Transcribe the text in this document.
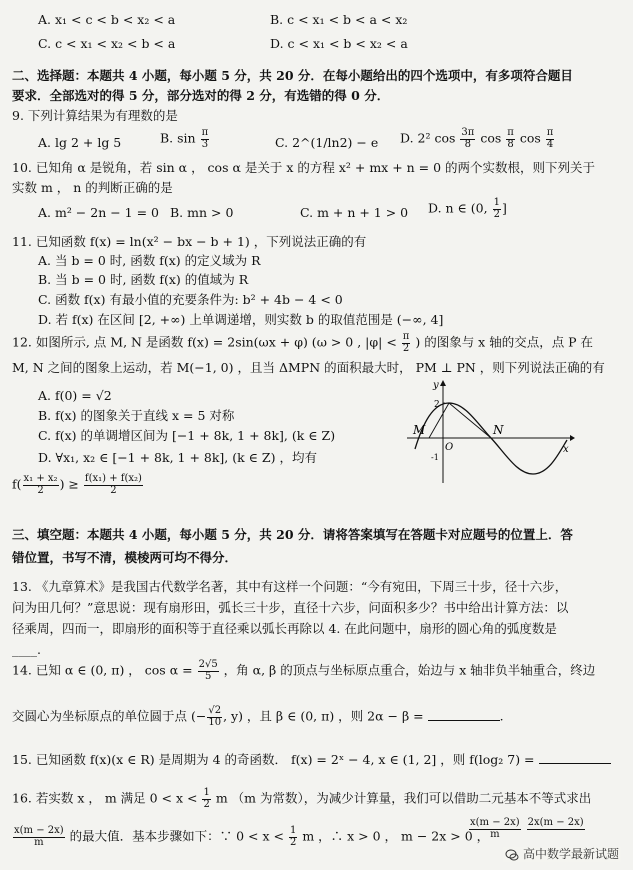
A. x₁ < c < b < x₂ < a	B. c < x₁ < b < a < x₂
C. c < x₁ < x₂ < b < a	D. c < x₁ < b < x₂ < a
二、选择题：本题共 4 小题，每小题 5 分，共 20 分．在每小题给出的四个选项中，有多项符合题目
要求．全部选对的得 5 分，部分选对的得 2 分，有选错的得 0 分．
9. 下列计算结果为有理数的是
A. lg 2 + lg 5	B. $\sin \frac{\pi}{3}$	C. 2^(1/ln2) − e D. 2² $\cos \frac{3\pi}{8}$ $\cos \frac{\pi}{8}$ $\cos \frac{\pi}{4}$
10. 已知角 α 是锐角，若 sin α ， cos α 是关于 x 的方程 x² + mx + n = 0 的两个实数根，则下列关于
实数 m ， n 的判断正确的是
A. m² − 2n − 1 = 0 B. mn > 0	C. m + n + 1 > 0 D. n ∈ (0, $\frac{1}{2}$ ]
11. 已知函数 f(x) = ln(x² − bx − b + 1) ，下列说法正确的有
A. 当 b = 0 时, 函数 f(x) 的定义域为 R
B. 当 b = 0 时, 函数 f(x) 的值域为 R
C. 函数 f(x) 有最小值的充要条件为: b² + 4b − 4 < 0
D. 若 f(x) 在区间 [2, +∞) 上单调递增，则实数 b 的取值范围是 (−∞, 4]
12. 如图所示, 点 M, N 是函数 f(x) = 2sin(ωx + φ) (ω > 0 , $|\varphi| < \frac{\pi}{2}$ ) 的图象与 x 轴的交点，点 P 在
M, N 之间的图象上运动，若 M(−1, 0) ，且当 ΔMPN 的面积最大时， PM ⊥ PN ，则下列说法正确的有
A. f(0) = √2
B. f(x) 的图象关于直线 x = 5 对称
C. f(x) 的单调增区间为 [−1 + 8k, 1 + 8k], (k ∈ Z)
D. ∀x₁, x₂ ∈ [−1 + 8k, 1 + 8k], (k ∈ Z) ，均有
$f( \frac{\text{x₁ + x₂}}{2}$ ) ≥ $\frac{\text{f(x₁) + f(x₂)}}{2}$
y
2
M	N
O
-1
x
三、填空题：本题共 4 小题，每小题 5 分，共 20 分．请将答案填写在答题卡对应题号的位置上．答
错位置，书写不清，模棱两可均不得分．
13. 《九章算术》是我国古代数学名著，其中有这样一个问题：“今有宛田，下周三十步，径十六步，
问为田几何？”意思说：现有扇形田，弧长三十步，直径十六步，问面积多少？书中给出计算方法：以
径乘周，四而一，即扇形的面积等于直径乘以弧长再除以 4. 在此问题中，扇形的圆心角的弧度数是
____.
14. 已知 α ∈ (0, π) ， $\cos \alpha = \frac{2√5}{5}$ ，角 α, β 的顶点与坐标原点重合，始边与 x 轴非负半轴重合，终边
交圆心为坐标原点的单位圆于点 (− $\frac{√2}{10}$ , y) ，且 β ∈ (0, π) ，则 2α − β =	.
15. 已知函数 f(x)(x ∈ R) 是周期为 4 的奇函数． f(x) = 2ˣ − 4, x ∈ (1, 2] ，则 f(log₂ 7) =
16. 若实数 x ， m 满足 $0 < x < \frac{1}{2}$ m （m 为常数），为减少计算量，我们可以借助二元基本不等式求出
$\frac{x(m - 2x)}{m}$ 的最大值．基本步骤如下：∵ $0 < x < \frac{1}{2}$ m ，∴ x > 0 ， m − 2x > 0 ，
$\frac{x(m - 2x)}{m}$
2x(m − 2x)

高中数学最新试题
